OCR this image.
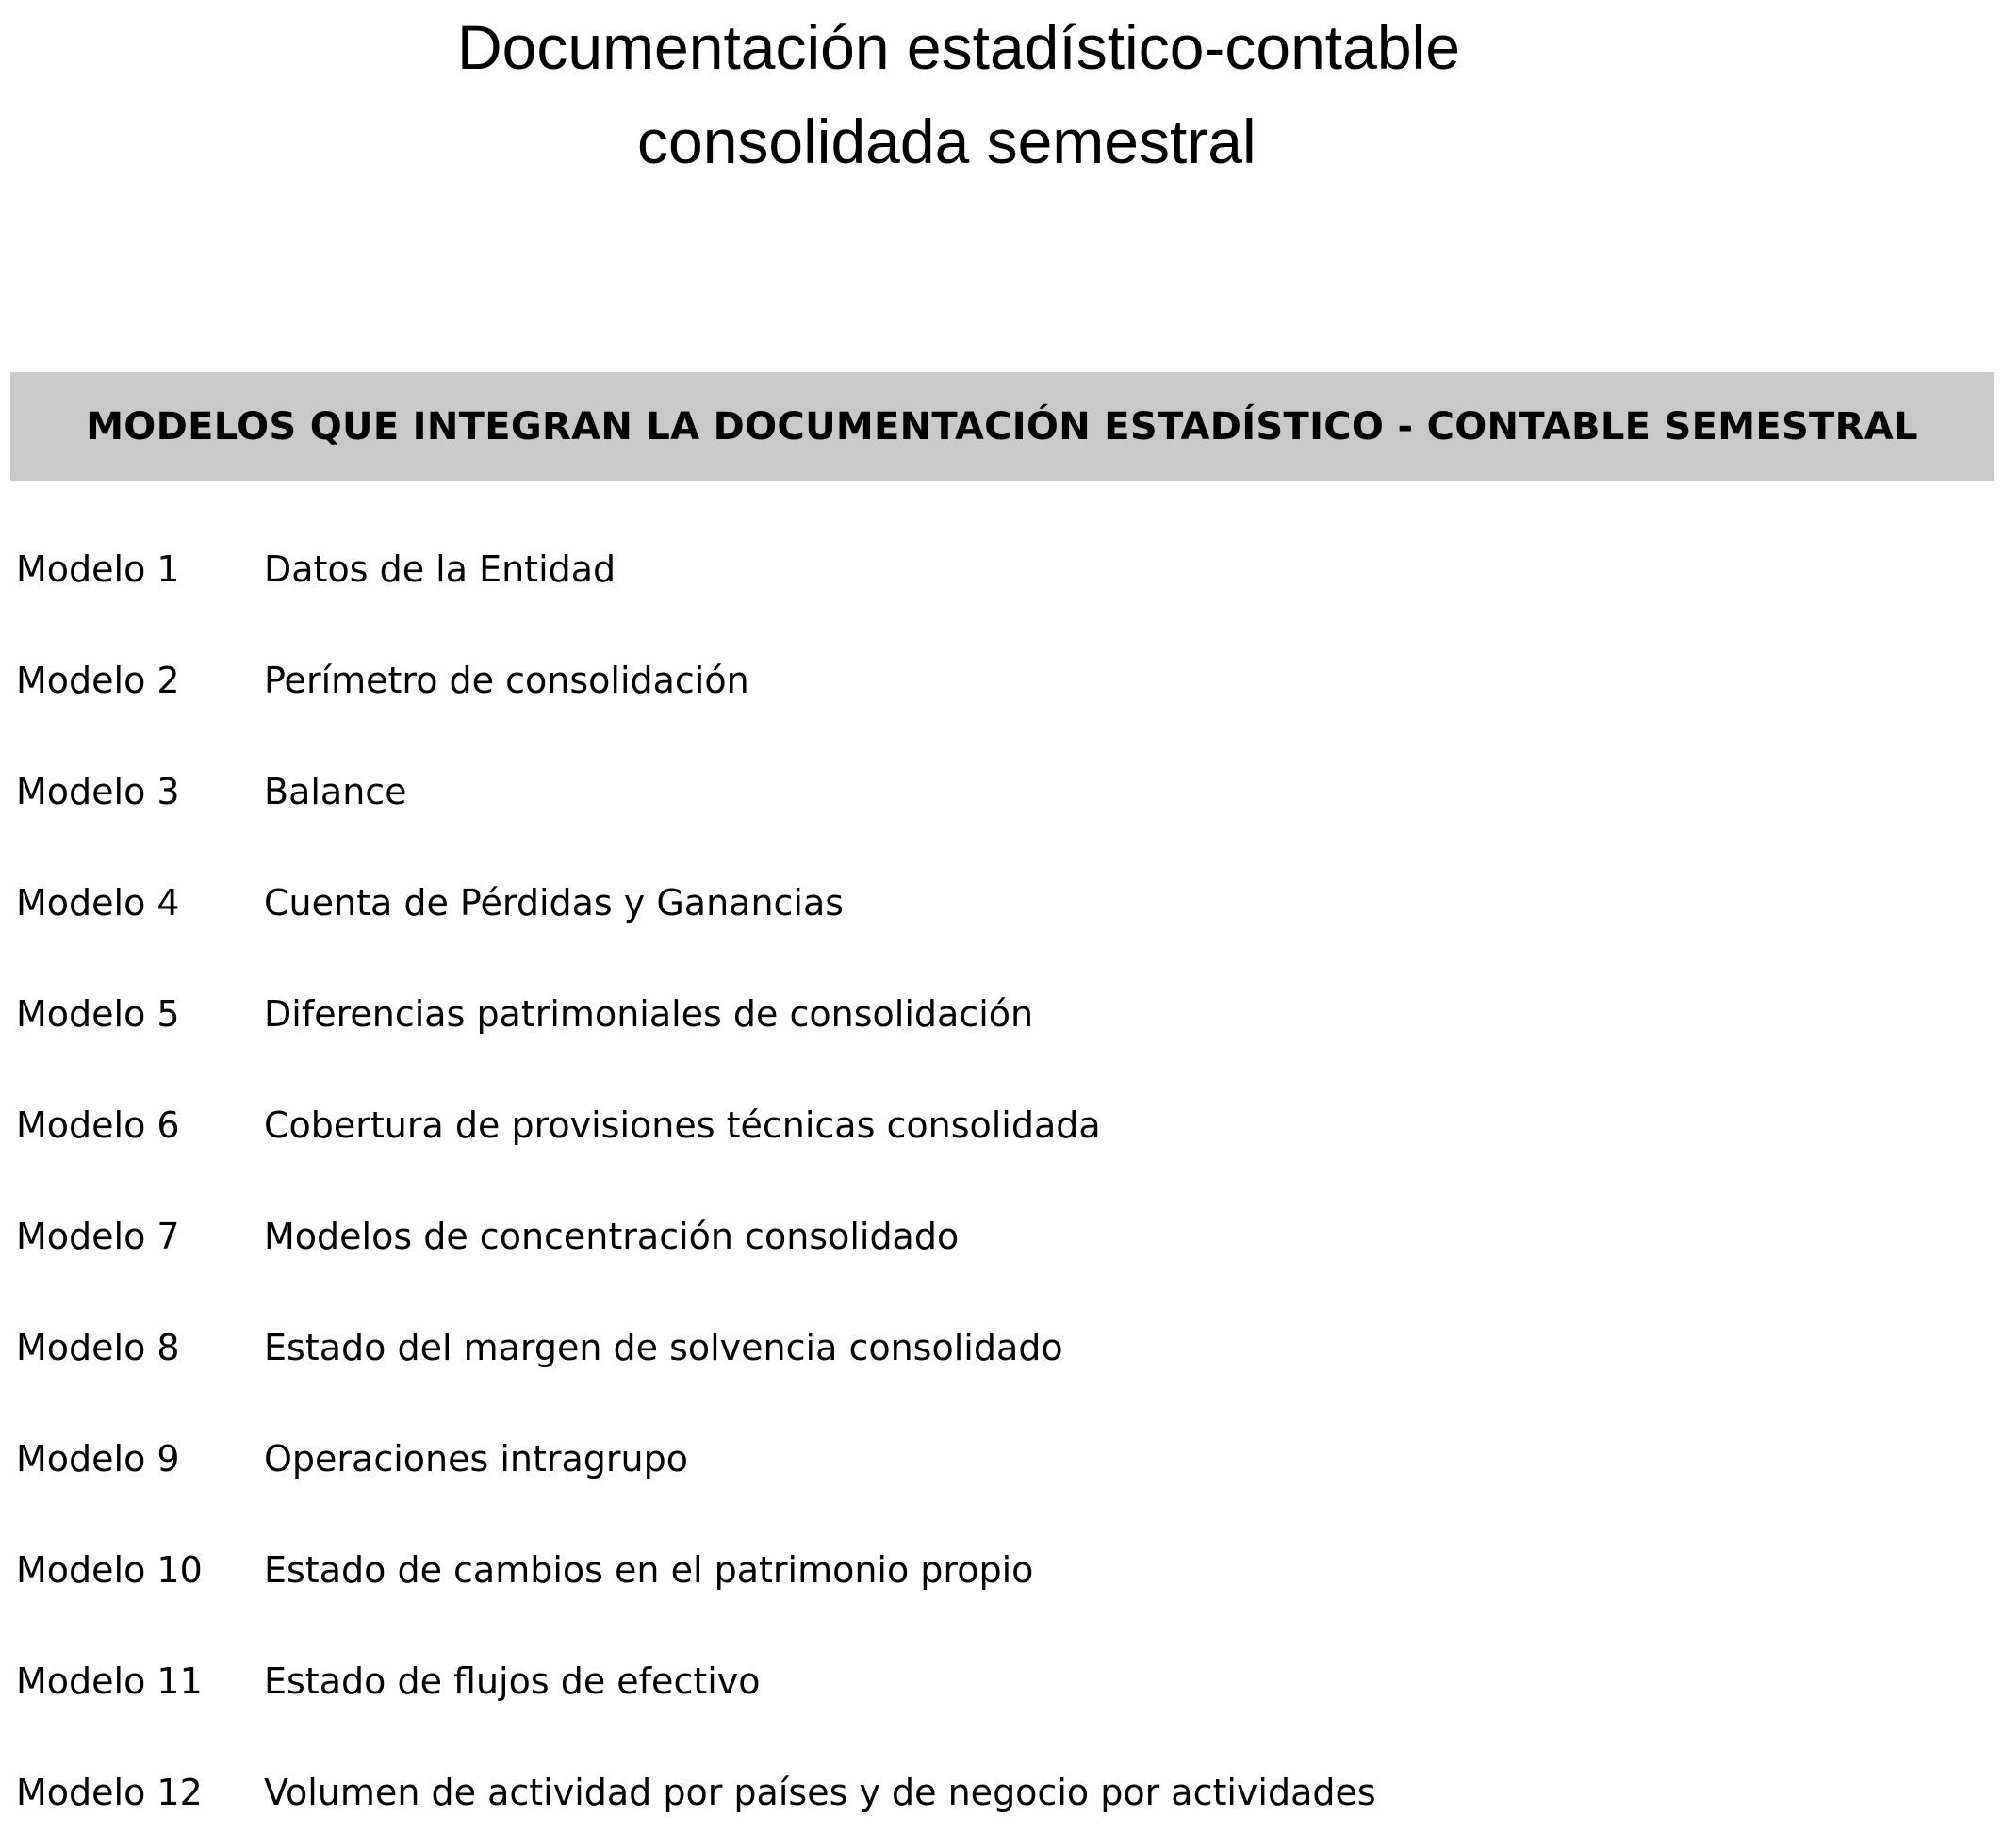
Documentación estadístico-contable
consolidada semestral
MODELOS QUE INTEGRAN LA DOCUMENTACIÓN ESTADÍSTICO - CONTABLE SEMESTRAL
Modelo 1 Datos de la Entidad
Modelo 2 Perímetro de consolidación
Modelo 3 Balance
Modelo 4 Cuenta de Pérdidas y Ganancias
Modelo 5 Diferencias patrimoniales de consolidación
Modelo 6 Cobertura de provisiones técnicas consolidada
Modelo 7 Modelos de concentración consolidado
Modelo 8 Estado del margen de solvencia consolidado
Modelo 9 Operaciones intragrupo
Modelo 10 Estado de cambios en el patrimonio propio
Modelo 11 Estado de flujos de efectivo
Modelo 12 Volumen de actividad por países y de negocio por actividades
